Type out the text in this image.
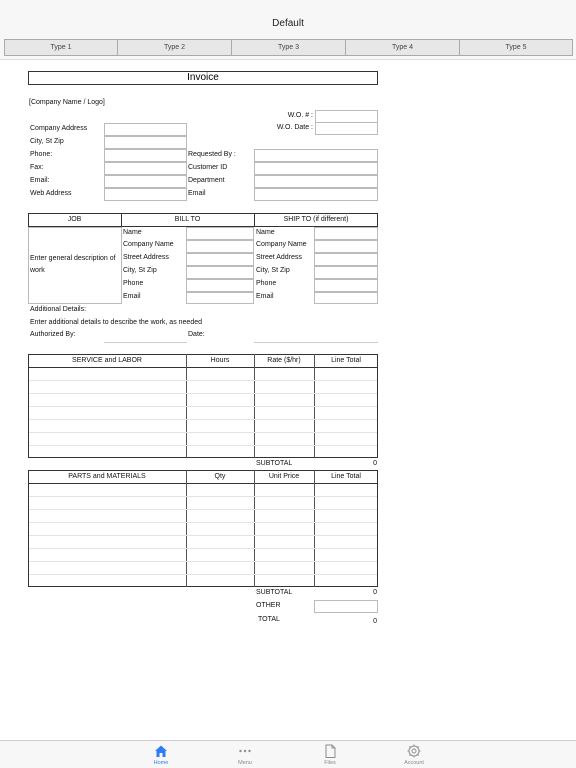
Default
Type 1	Type 2	Type 3	Type 4	Type 5
Invoice
[Company Name / Logo]
W.O. # :
W.O. Date :
Company Address
City, St Zip
Phone:
Fax:
Email:
Web Address
Requested By :
Customer ID
Department
Email
JOB	BILL TO	SHIP TO (if different)
Enter general description of work
Name
Company Name
Street Address
City, St Zip
Phone
Email
Name
Company Name
Street Address
City, St Zip
Phone
Email
Additional Details:
Enter additional details to describe the work, as needed
Authorized By:	Date:
SERVICE and LABOR	Hours	Rate ($/hr)	Line Total
SUBTOTAL	0
PARTS and MATERIALS	Qty	Unit Price	Line Total
SUBTOTAL	0
OTHER
TOTAL	0
Home	Menu	Files	Account
